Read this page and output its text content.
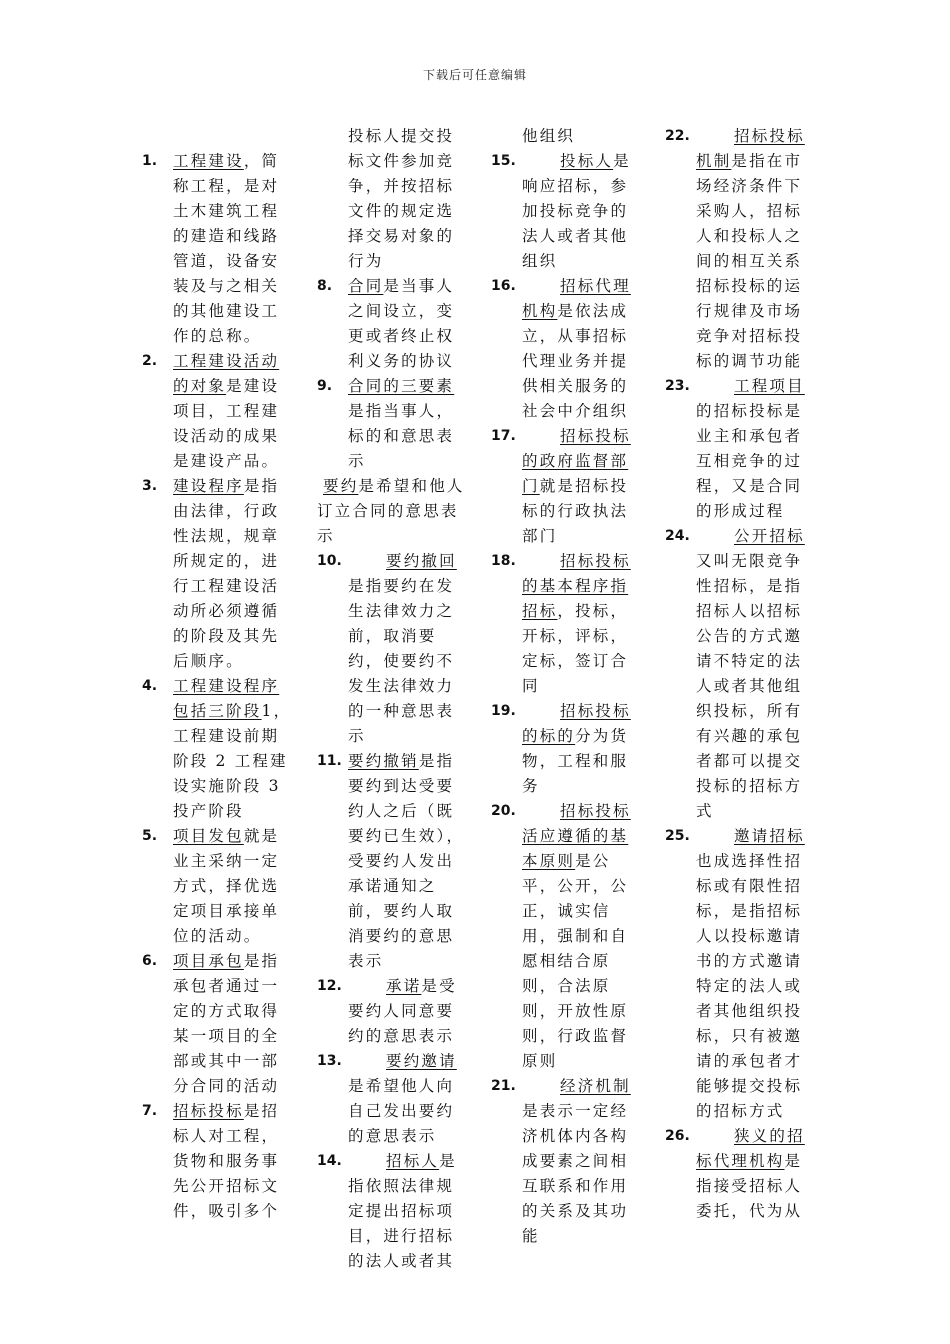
下载后可任意编辑
1. 工程建设，简称工程，是对土木建筑工程的建造和线路管道，设备安装及与之相关的其他建设工作的总称。
2. 工程建设活动的对象是建设项目，工程建设活动的成果是建设产品。
3. 建设程序是指由法律，行政性法规，规章所规定的，进行工程建设活动所必须遵循的阶段及其先后顺序。
4. 工程建设程序包括三阶段1，工程建设前期阶段 2 工程建设实施阶段 3投产阶段
5. 项目发包就是业主采纳一定方式，择优选定项目承接单位的活动。
6. 项目承包是指承包者通过一定的方式取得某一项目的全部或其中一部分合同的活动
7. 招标投标是招标人对工程，货物和服务事先公开招标文件，吸引多个
投标人提交投标文件参加竞争，并按招标文件的规定选择交易对象的行为
8. 合同是当事人之间设立，变更或者终止权利义务的协议
9. 合同的三要素是指当事人，标的和意思表示
要约是希望和他人订立合同的意思表示
10.	要约撤回是指要约在发生法律效力之前，取消要约，使要约不发生法律效力的一种意思表示
11. 要约撤销是指要约到达受要约人之后（既要约已生效），受要约人发出承诺通知之前，要约人取消要约的意思表示
12.	承诺是受要约人同意要约的意思表示
13.	要约邀请是希望他人向自己发出要约的意思表示
14.	招标人是指依照法律规定提出招标项目，进行招标的法人或者其
他组织
15.	投标人是响应招标，参加投标竞争的法人或者其他组织
16.	招标代理机构是依法成立，从事招标代理业务并提供相关服务的社会中介组织
17.	招标投标的政府监督部门就是招标投标的行政执法部门
18.	招标投标的基本程序指招标，投标，开标，评标，定标，签订合同
19.	招标投标的标的分为货物，工程和服务
20.	招标投标活应遵循的基本原则是公平，公开，公正，诚实信用，强制和自愿相结合原则，合法原则，开放性原则，行政监督原则
21.	经济机制是表示一定经济机体内各构成要素之间相互联系和作用的关系及其功能
22.	招标投标机制是指在市场经济条件下采购人，招标人和投标人之间的相互关系招标投标的运行规律及市场竞争对招标投标的调节功能
23.	工程项目的招标投标是业主和承包者互相竞争的过程，又是合同的形成过程
24.	公开招标又叫无限竞争性招标，是指招标人以招标公告的方式邀请不特定的法人或者其他组织投标，所有有兴趣的承包者都可以提交投标的招标方式
25.	邀请招标也成选择性招标或有限性招标，是指招标人以投标邀请书的方式邀请特定的法人或者其他组织投标，只有被邀请的承包者才能够提交投标的招标方式
26.	狭义的招标代理机构是指接受招标人委托，代为从
